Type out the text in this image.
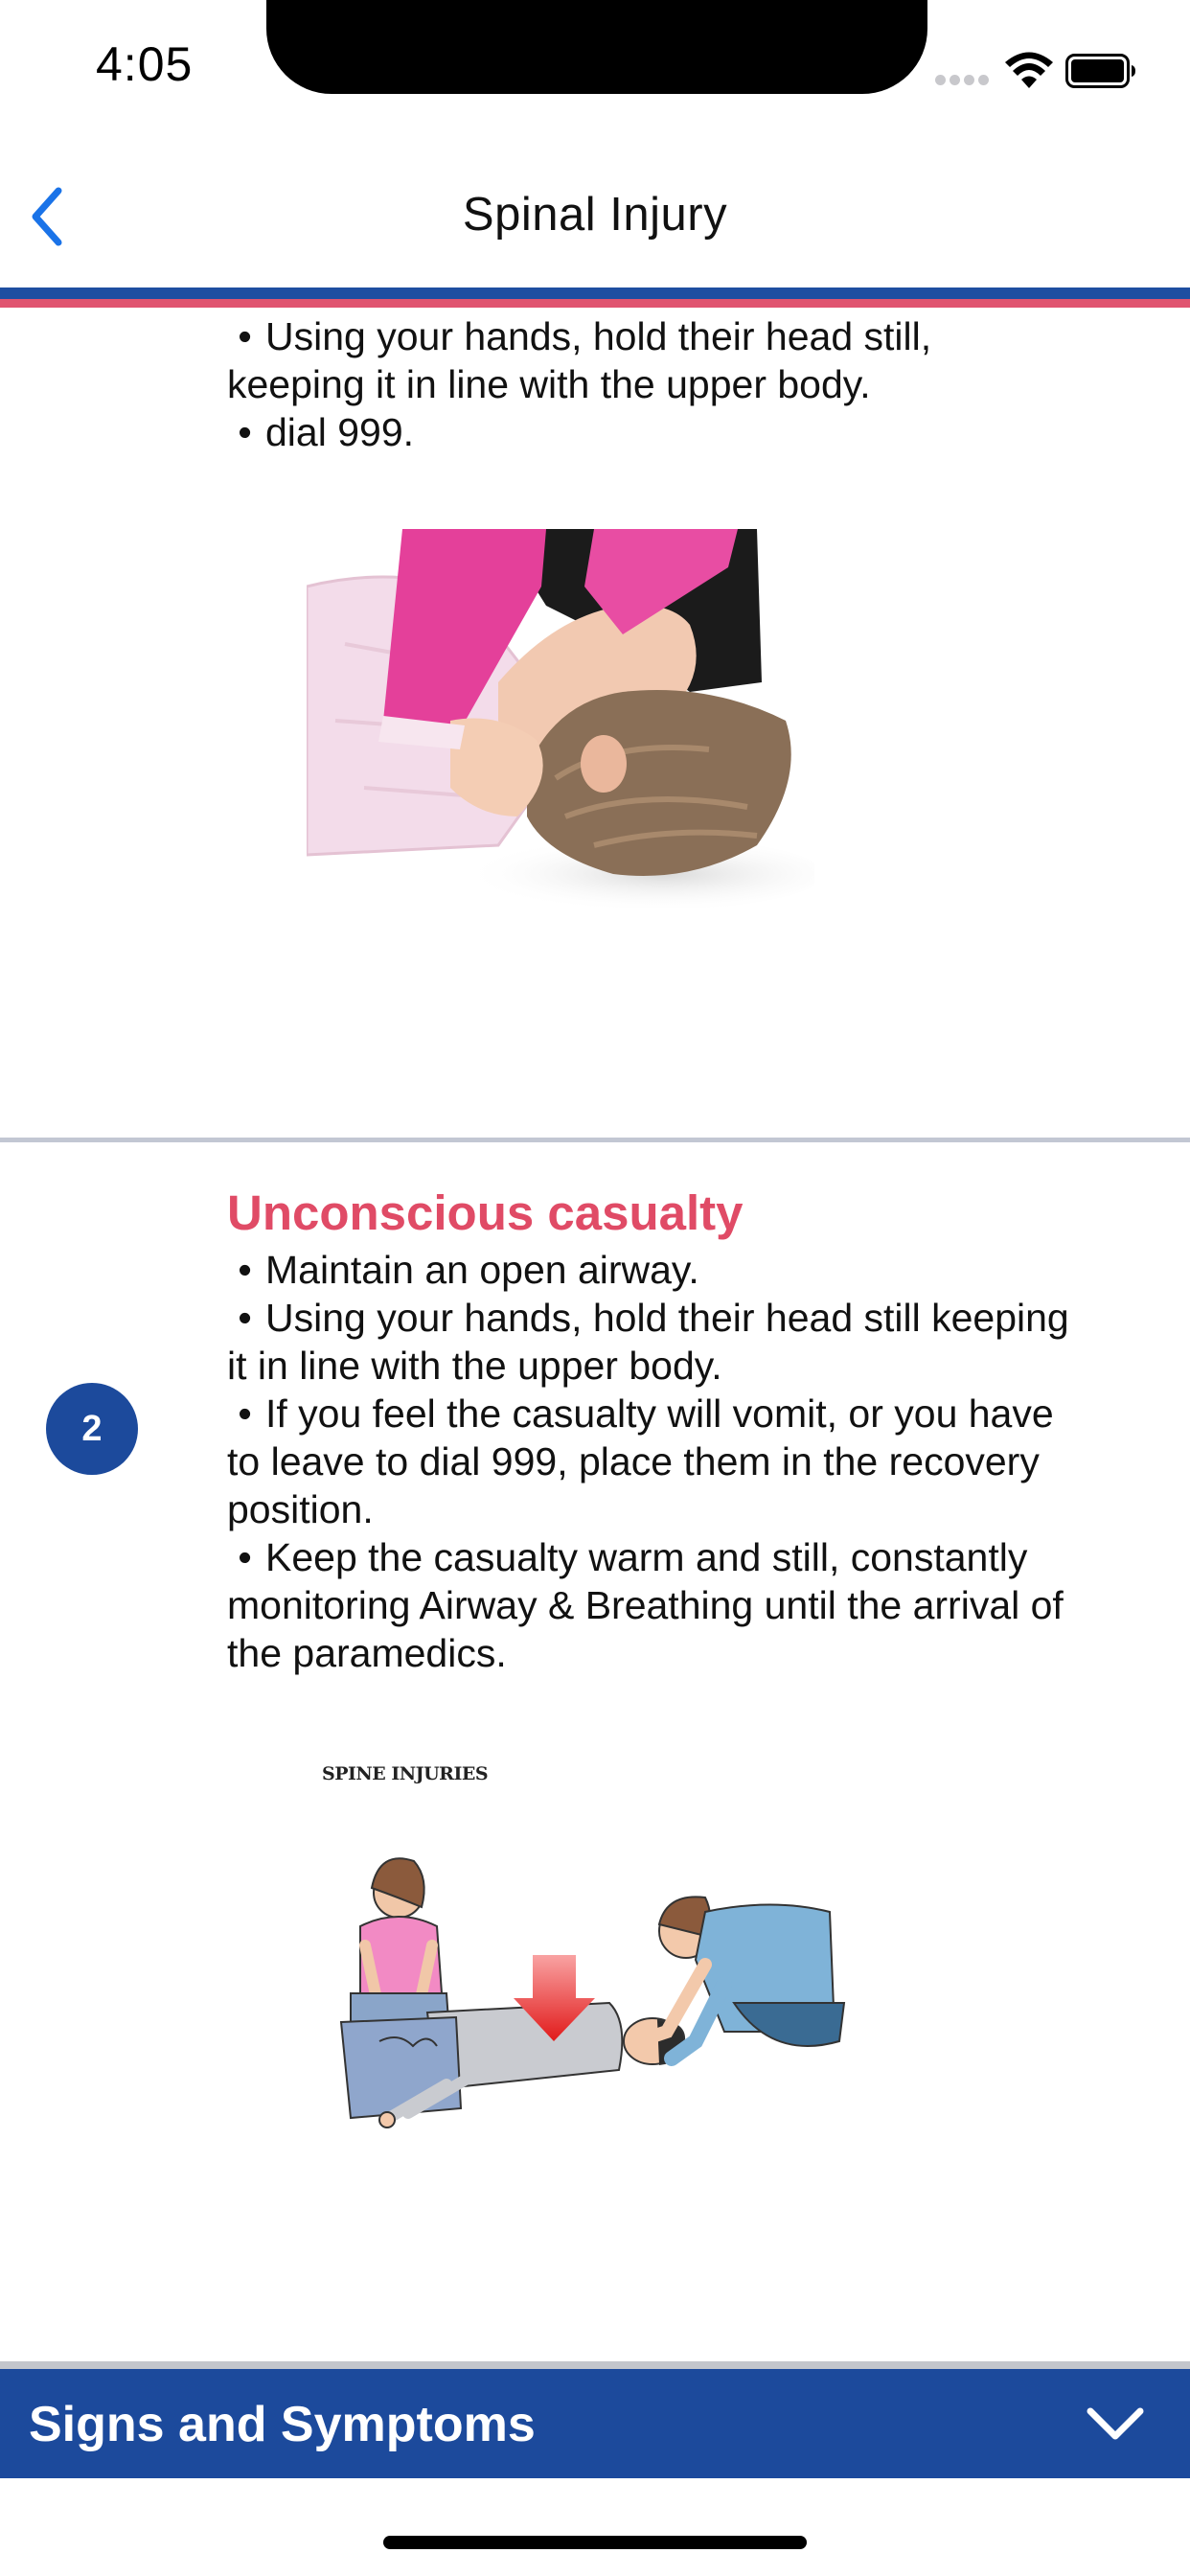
4:05
Spinal Injury
• Using your hands, hold their head still,
keeping it in line with the upper body.
• dial 999.
2
Unconscious casualty
• Maintain an open airway.
• Using your hands, hold their head still keeping
it in line with the upper body.
• If you feel the casualty will vomit, or you have
to leave to dial 999, place them in the recovery
position.
• Keep the casualty warm and still, constantly
monitoring Airway & Breathing until the arrival of
the paramedics.
SPINE INJURIES
Signs and Symptoms
